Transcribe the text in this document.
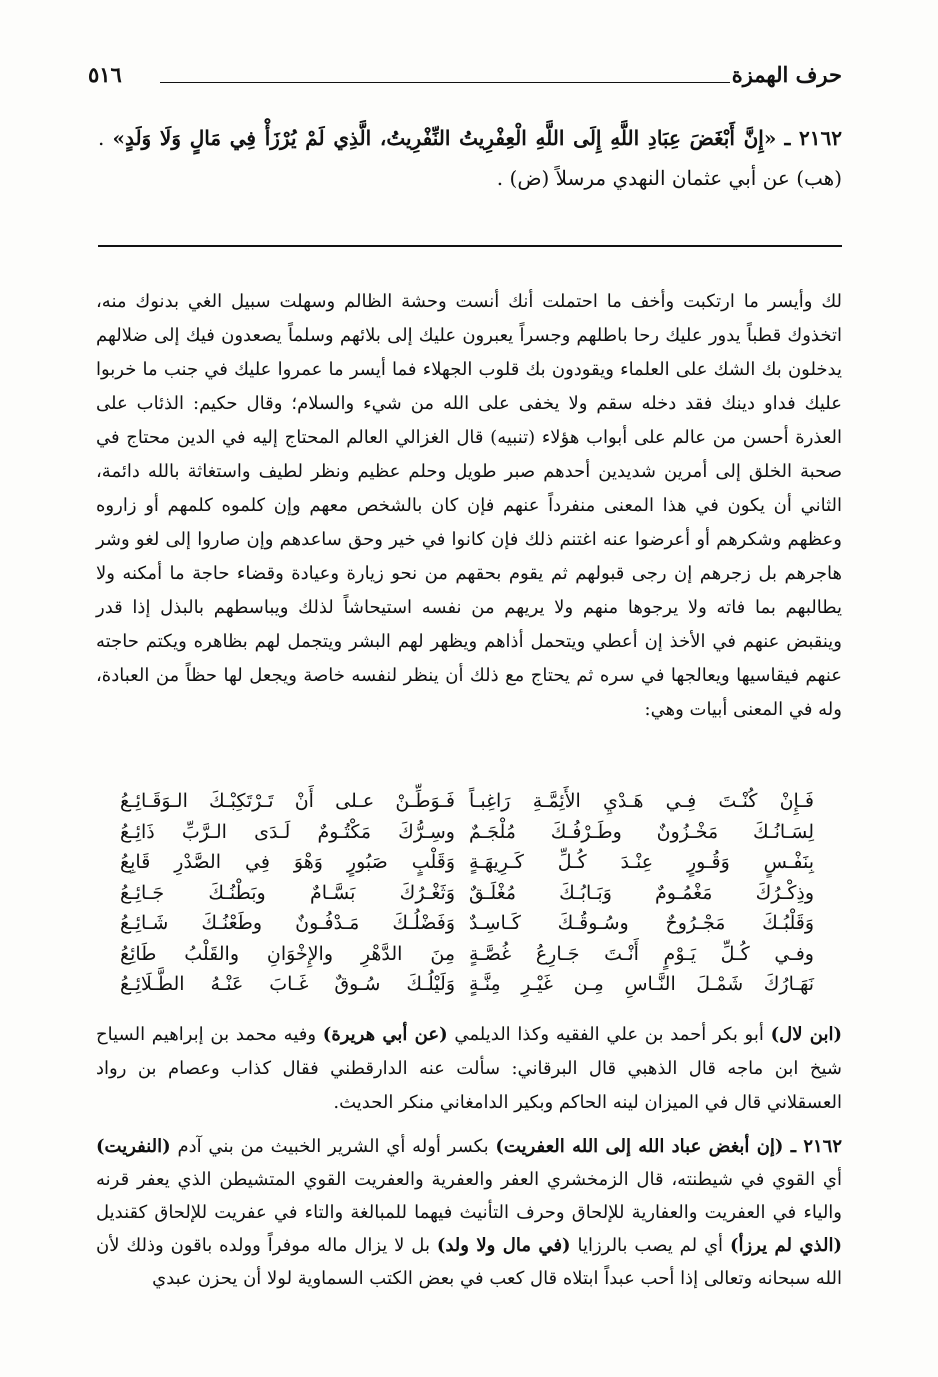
حرف الهمزة
٥١٦
٢١٦٢ ـ «إِنَّ أَبْغَضَ عِبَادِ اللَّهِ إِلَى اللَّهِ الْعِفْرِيتُ النِّفْرِيتُ، الَّذِي لَمْ يُرْزَأْ فِي مَالٍ وَلَا وَلَدٍ» . (هب) عن أبي عثمان النهدي مرسلاً (ض) .
لك وأيسر ما ارتكبت وأخف ما احتملت أنك أنست وحشة الظالم وسهلت سبيل الغي بدنوك منه، اتخذوك قطباً يدور عليك رحا باطلهم وجسراً يعبرون عليك إلى بلائهم وسلماً يصعدون فيك إلى ضلالهم يدخلون بك الشك على العلماء ويقودون بك قلوب الجهلاء فما أيسر ما عمروا عليك في جنب ما خربوا عليك فداو دينك فقد دخله سقم ولا يخفى على الله من شيء والسلام؛ وقال حكيم: الذئاب على العذرة أحسن من عالم على أبواب هؤلاء (تنبيه) قال الغزالي العالم المحتاج إليه في الدين محتاج في صحبة الخلق إلى أمرين شديدين أحدهم صبر طويل وحلم عظيم ونظر لطيف واستغاثة بالله دائمة، الثاني أن يكون في هذا المعنى منفرداً عنهم فإن كان بالشخص معهم وإن كلموه كلمهم أو زاروه وعظهم وشكرهم أو أعرضوا عنه اغتنم ذلك فإن كانوا في خير وحق ساعدهم وإن صاروا إلى لغو وشر هاجرهم بل زجرهم إن رجى قبولهم ثم يقوم بحقهم من نحو زيارة وعيادة وقضاء حاجة ما أمكنه ولا يطالبهم بما فاته ولا يرجوها منهم ولا يريهم من نفسه استيحاشاً لذلك ويباسطهم بالبذل إذا قدر وينقبض عنهم في الأخذ إن أعطي ويتحمل أذاهم ويظهر لهم البشر ويتجمل لهم بظاهره ويكتم حاجته عنهم فيقاسيها ويعالجها في سره ثم يحتاج مع ذلك أن ينظر لنفسه خاصة ويجعل لها حظاً من العبادة، وله في المعنى أبيات وهي:
فَـإِنْ كُنْـتَ فِـي هَـدْيِ الأَئِمَّـةِ رَاغِبـاً
فَـوَطِّـنْ عـلى أَنْ تَـرْتَكِبْـكَ الـوَقَـائِـعُ
لِسَـانُـكَ مَخْـزُونٌ وطَـرْفُـكَ مُلْجَـمٌ
وسِـرُّكَ مَكْتُـومٌ لَـدَى الـرَّبِّ ذَائِـعُ
بِنَفْـسٍ وَقُـورٍ عِنْـدَ كُـلِّ كَـرِيهَـةٍ
وَقَلْبٍ صَبُورٍ وَهْوَ فِي الصَّدْرِ قَابِعُ
وذِكْـرُكَ مَغْمُـومٌ وَبَـابُـكَ مُغْلَـقٌ
وَثَغْـرُكَ بَسَّـامٌ وبَطْنُـكَ جَـائِـعُ
وَقَلْبُـكَ مَجْـرُوحٌ وسُـوقُـكَ كَـاسِـدٌ
وَفَضْلُـكَ مَـدْفُـونٌ وطَعْنُـكَ شَـائِـعُ
وفـي كُـلِّ يَـوْمٍ أَنْـتَ جَـارِعُ غُصَّـةٍ
مِنَ الدَّهْرِ والإِخْوَانِ والقَلْبُ طَائِعُ
نَهَـارُكَ شَمْـلَ النَّـاسِ مِـن غَيْـرِ مِنَّـةٍ
وَلَيْلُـكَ سُـوقٌ غَـابَ عَنْـهُ الطَّـلَائِـعُ
(ابن لال) أبو بكر أحمد بن علي الفقيه وكذا الديلمي (عن أبي هريرة) وفيه محمد بن إبراهيم السياح شيخ ابن ماجه قال الذهبي قال البرقاني: سألت عنه الدارقطني فقال كذاب وعصام بن رواد العسقلاني قال في الميزان لينه الحاكم وبكير الدامغاني منكر الحديث.
٢١٦٢ ـ (إن أبغض عباد الله إلى الله العفريت) بكسر أوله أي الشرير الخبيث من بني آدم (النفريت) أي القوي في شيطنته، قال الزمخشري العفر والعفرية والعفريت القوي المتشيطن الذي يعفر قرنه والياء في العفريت والعفارية للإلحاق وحرف التأنيث فيهما للمبالغة والتاء في عفريت للإلحاق كقنديل (الذي لم يرزأ) أي لم يصب بالرزايا (في مال ولا ولد) بل لا يزال ماله موفراً وولده باقون وذلك لأن الله سبحانه وتعالى إذا أحب عبداً ابتلاه قال كعب في بعض الكتب السماوية لولا أن يحزن عبدي
